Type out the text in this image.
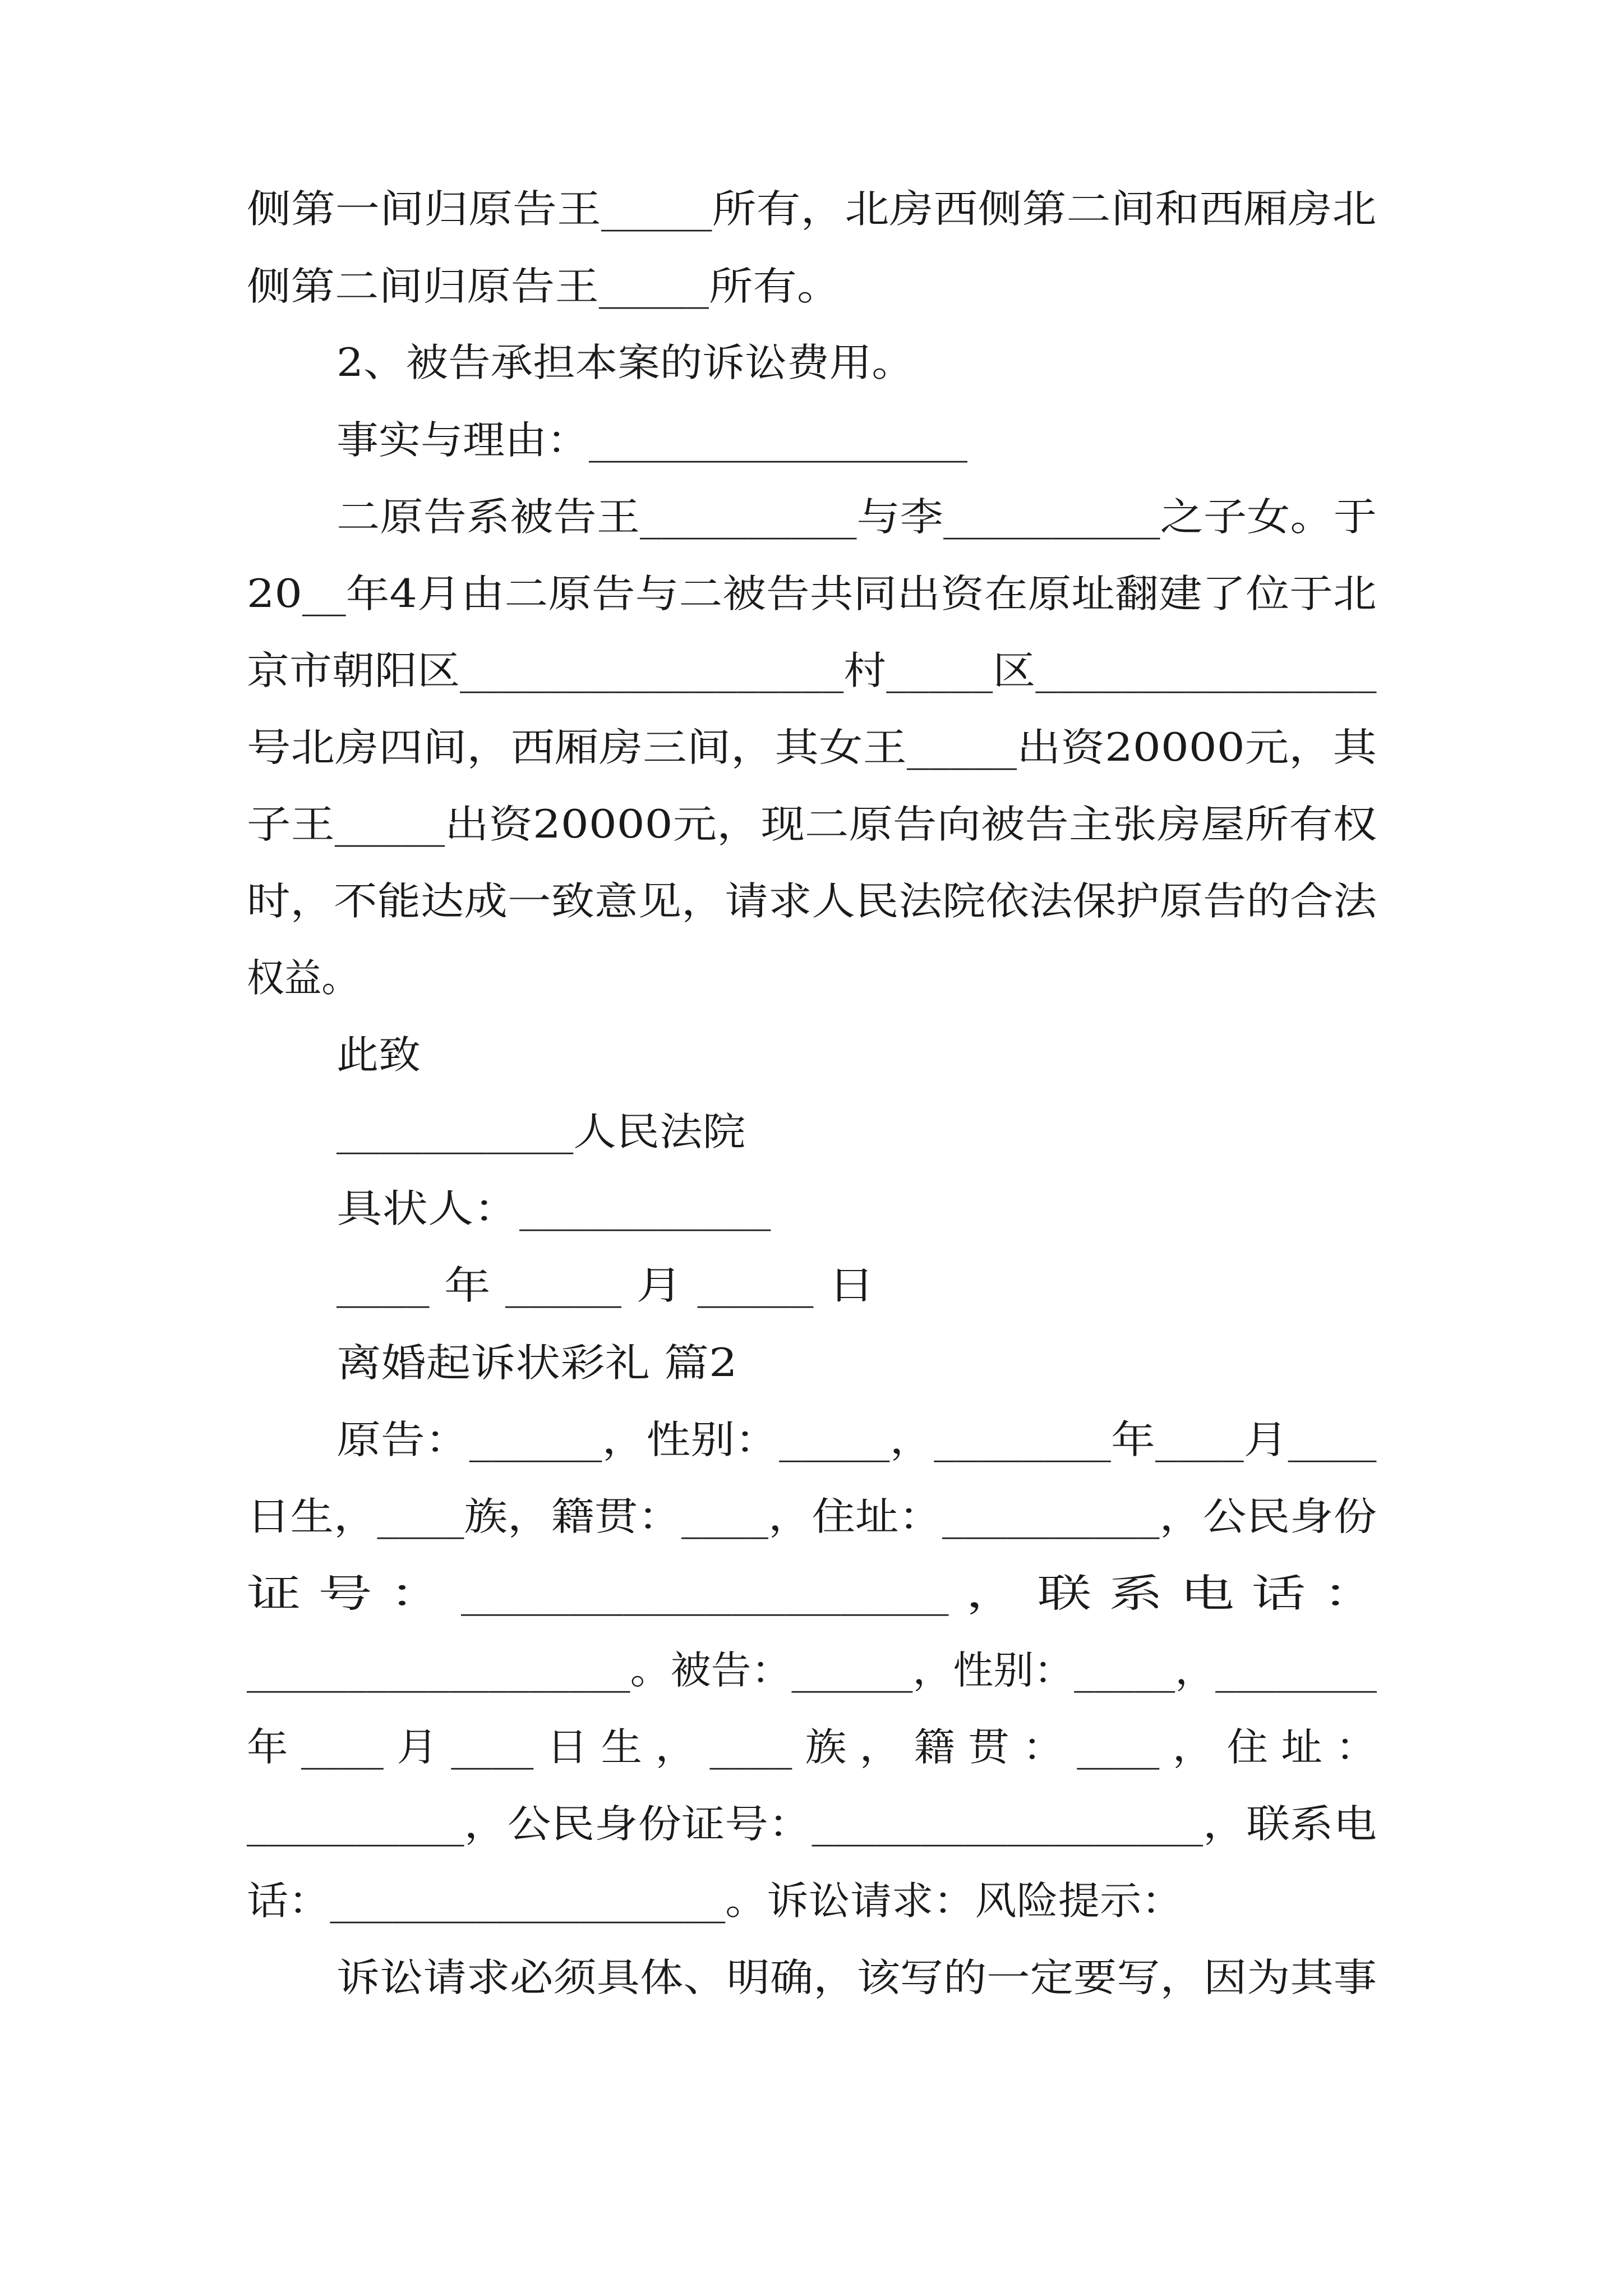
侧第一间归原告王_____所有，北房西侧第二间和西厢房北
侧第二间归原告王_____所有。
2、被告承担本案的诉讼费用。
事实与理由：__________________
二原告系被告王__________与李__________之子女。于
20__年4月由二原告与二被告共同出资在原址翻建了位于北
京市朝阳区__________________村_____区________________
号北房四间，西厢房三间，其女王_____出资20000元，其
子王_____出资20000元，现二原告向被告主张房屋所有权
时，不能达成一致意见，请求人民法院依法保护原告的合法
权益。
此致
___________人民法院
具状人：___________
____ 年 _____ 月 _____ 日
离婚起诉状彩礼 篇2
原告：______，性别：_____，________年____月____
日生，____族，籍贯：____，住址：__________，公民身份
证 号 ： __________________ ， 联 系 电 话 ：
___________________。被告：______，性别：_____，________
年 ____ 月 ____ 日 生 ， ____ 族 ， 籍 贯 ： ____ ， 住 址 ：
__________，公民身份证号：__________________，联系电
话：___________________。诉讼请求：风险提示：
诉讼请求必须具体、明确，该写的一定要写，因为其事
